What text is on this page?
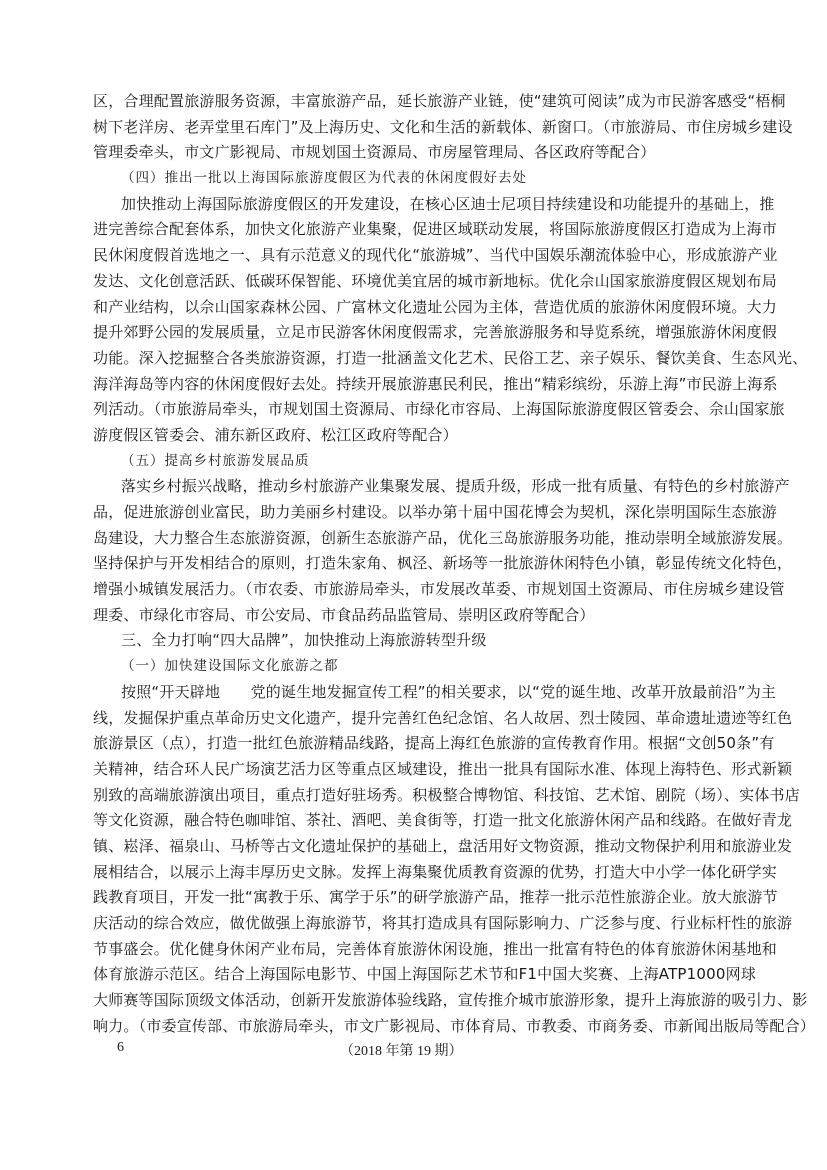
区，合理配置旅游服务资源，丰富旅游产品，延长旅游产业链，使“建筑可阅读”成为市民游客感受“梧桐
树下老洋房、老弄堂里石库门”及上海历史、文化和生活的新载体、新窗口。（市旅游局、市住房城乡建设
管理委牵头，市文广影视局、市规划国土资源局、市房屋管理局、各区政府等配合）
（四）推出一批以上海国际旅游度假区为代表的休闲度假好去处
加快推动上海国际旅游度假区的开发建设，在核心区迪士尼项目持续建设和功能提升的基础上，推
进完善综合配套体系，加快文化旅游产业集聚，促进区域联动发展，将国际旅游度假区打造成为上海市
民休闲度假首选地之一、具有示范意义的现代化“旅游城”、当代中国娱乐潮流体验中心，形成旅游产业
发达、文化创意活跃、低碳环保智能、环境优美宜居的城市新地标。优化佘山国家旅游度假区规划布局
和产业结构，以佘山国家森林公园、广富林文化遗址公园为主体，营造优质的旅游休闲度假环境。大力
提升郊野公园的发展质量，立足市民游客休闲度假需求，完善旅游服务和导览系统，增强旅游休闲度假
功能。深入挖掘整合各类旅游资源，打造一批涵盖文化艺术、民俗工艺、亲子娱乐、餐饮美食、生态风光、
海洋海岛等内容的休闲度假好去处。持续开展旅游惠民利民，推出“精彩缤纷，乐游上海”市民游上海系
列活动。（市旅游局牵头，市规划国土资源局、市绿化市容局、上海国际旅游度假区管委会、佘山国家旅
游度假区管委会、浦东新区政府、松江区政府等配合）
（五）提高乡村旅游发展品质
落实乡村振兴战略，推动乡村旅游产业集聚发展、提质升级，形成一批有质量、有特色的乡村旅游产
品，促进旅游创业富民，助力美丽乡村建设。以举办第十届中国花博会为契机，深化崇明国际生态旅游
岛建设，大力整合生态旅游资源，创新生态旅游产品，优化三岛旅游服务功能，推动崇明全域旅游发展。
坚持保护与开发相结合的原则，打造朱家角、枫泾、新场等一批旅游休闲特色小镇，彰显传统文化特色，
增强小城镇发展活力。（市农委、市旅游局牵头，市发展改革委、市规划国土资源局、市住房城乡建设管
理委、市绿化市容局、市公安局、市食品药品监管局、崇明区政府等配合）
三、全力打响“四大品牌”，加快推动上海旅游转型升级
（一）加快建设国际文化旅游之都
按照“开天辟地　　党的诞生地发掘宣传工程”的相关要求，以“党的诞生地、改革开放最前沿”为主
线，发掘保护重点革命历史文化遗产，提升完善红色纪念馆、名人故居、烈士陵园、革命遗址遗迹等红色
旅游景区（点），打造一批红色旅游精品线路，提高上海红色旅游的宣传教育作用。根据“文创50条”有
关精神，结合环人民广场演艺活力区等重点区域建设，推出一批具有国际水准、体现上海特色、形式新颖
别致的高端旅游演出项目，重点打造好驻场秀。积极整合博物馆、科技馆、艺术馆、剧院（场）、实体书店
等文化资源，融合特色咖啡馆、茶社、酒吧、美食街等，打造一批文化旅游休闲产品和线路。在做好青龙
镇、崧泽、福泉山、马桥等古文化遗址保护的基础上，盘活用好文物资源，推动文物保护利用和旅游业发
展相结合，以展示上海丰厚历史文脉。发挥上海集聚优质教育资源的优势，打造大中小学一体化研学实
践教育项目，开发一批“寓教于乐、寓学于乐”的研学旅游产品，推荐一批示范性旅游企业。放大旅游节
庆活动的综合效应，做优做强上海旅游节，将其打造成具有国际影响力、广泛参与度、行业标杆性的旅游
节事盛会。优化健身休闲产业布局，完善体育旅游休闲设施，推出一批富有特色的体育旅游休闲基地和
体育旅游示范区。结合上海国际电影节、中国上海国际艺术节和F1中国大奖赛、上海ATP1000网球
大师赛等国际顶级文体活动，创新开发旅游体验线路，宣传推介城市旅游形象，提升上海旅游的吸引力、影
响力。（市委宣传部、市旅游局牵头，市文广影视局、市体育局、市教委、市商务委、市新闻出版局等配合）
6	（2018 年第 19 期）
